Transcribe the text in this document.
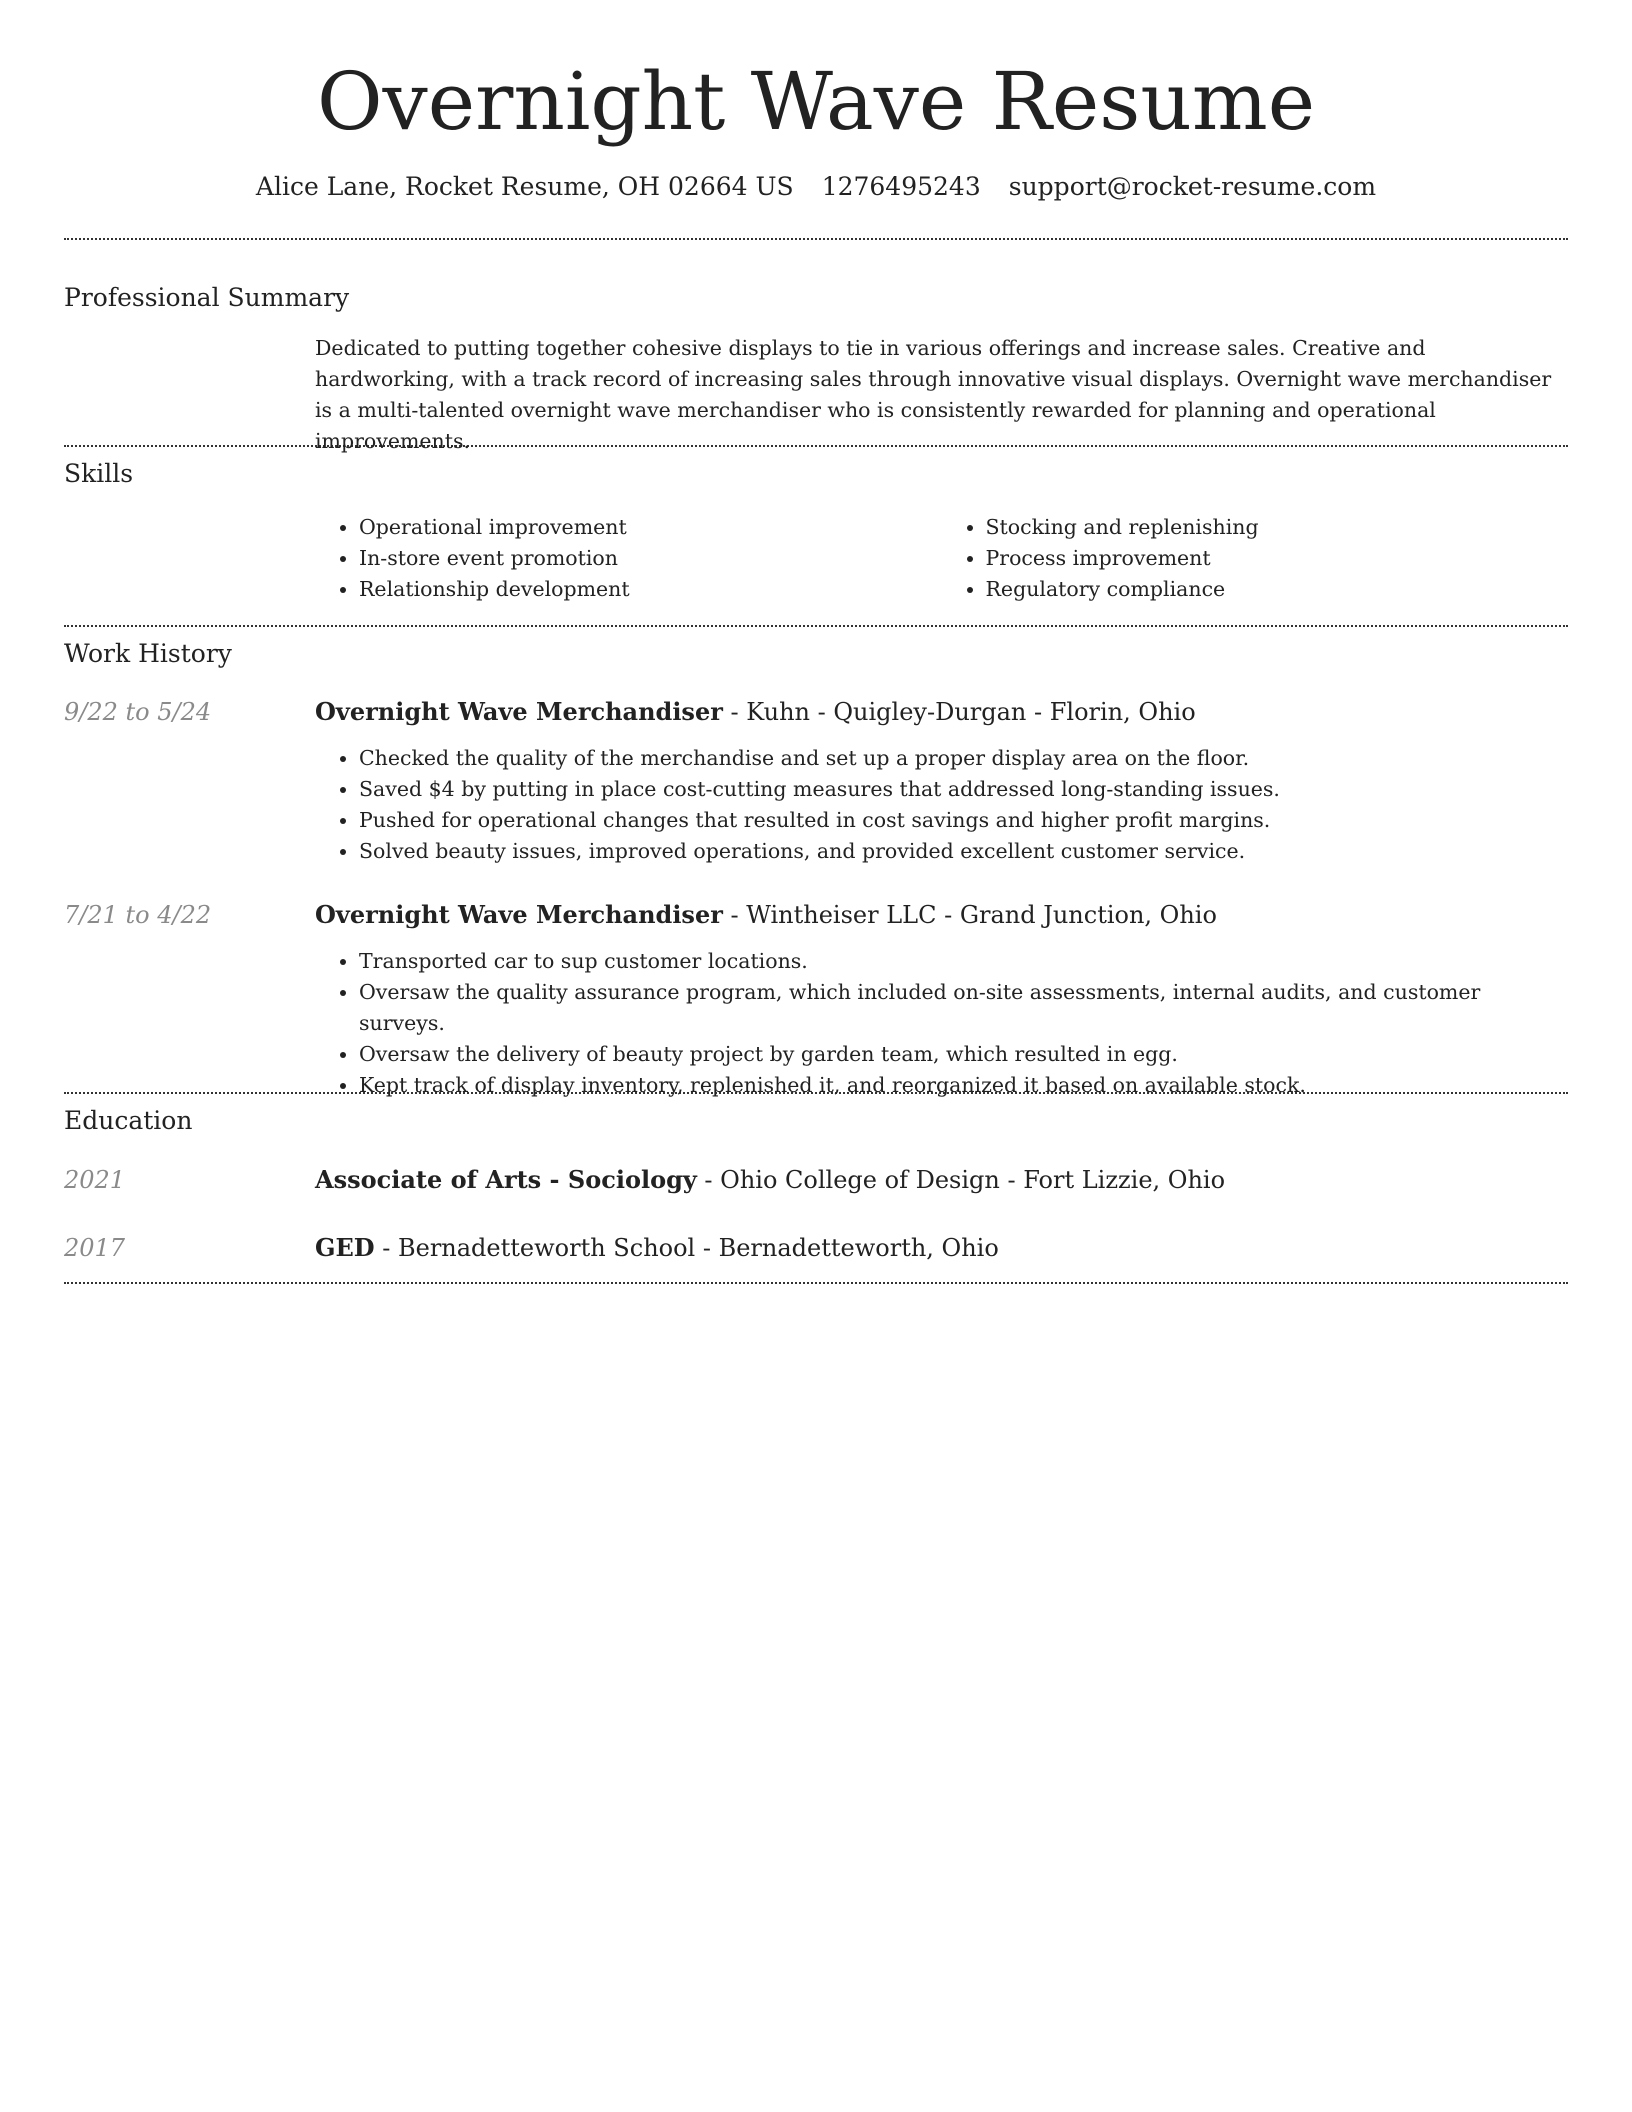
Overnight Wave Resume
Alice Lane, Rocket Resume, OH 02664 US 1276495243 support@rocket-resume.com
Professional Summary

Dedicated to putting together cohesive displays to tie in various offerings and increase sales. Creative and hardworking, with a track record of increasing sales through innovative visual displays. Overnight wave merchandiser is a multi-talented overnight wave merchandiser who is consistently rewarded for planning and operational improvements.

Skills
• Operational improvement
• In-store event promotion
• Relationship development
• Stocking and replenishing
• Process improvement
• Regulatory compliance
Work History
9/22 to 5/24	Overnight Wave Merchandiser - Kuhn - Quigley-Durgan - Florin, Ohio
• Checked the quality of the merchandise and set up a proper display area on the floor.
• Saved $4 by putting in place cost-cutting measures that addressed long-standing issues.
• Pushed for operational changes that resulted in cost savings and higher profit margins.
• Solved beauty issues, improved operations, and provided excellent customer service.
7/21 to 4/22	Overnight Wave Merchandiser - Wintheiser LLC - Grand Junction, Ohio
• Transported car to sup customer locations.
• Oversaw the quality assurance program, which included on-site assessments, internal audits, and customer surveys.
• Oversaw the delivery of beauty project by garden team, which resulted in egg.
• Kept track of display inventory, replenished it, and reorganized it based on available stock.
Education
2021	Associate of Arts - Sociology - Ohio College of Design - Fort Lizzie, Ohio
2017	GED - Bernadetteworth School - Bernadetteworth, Ohio
